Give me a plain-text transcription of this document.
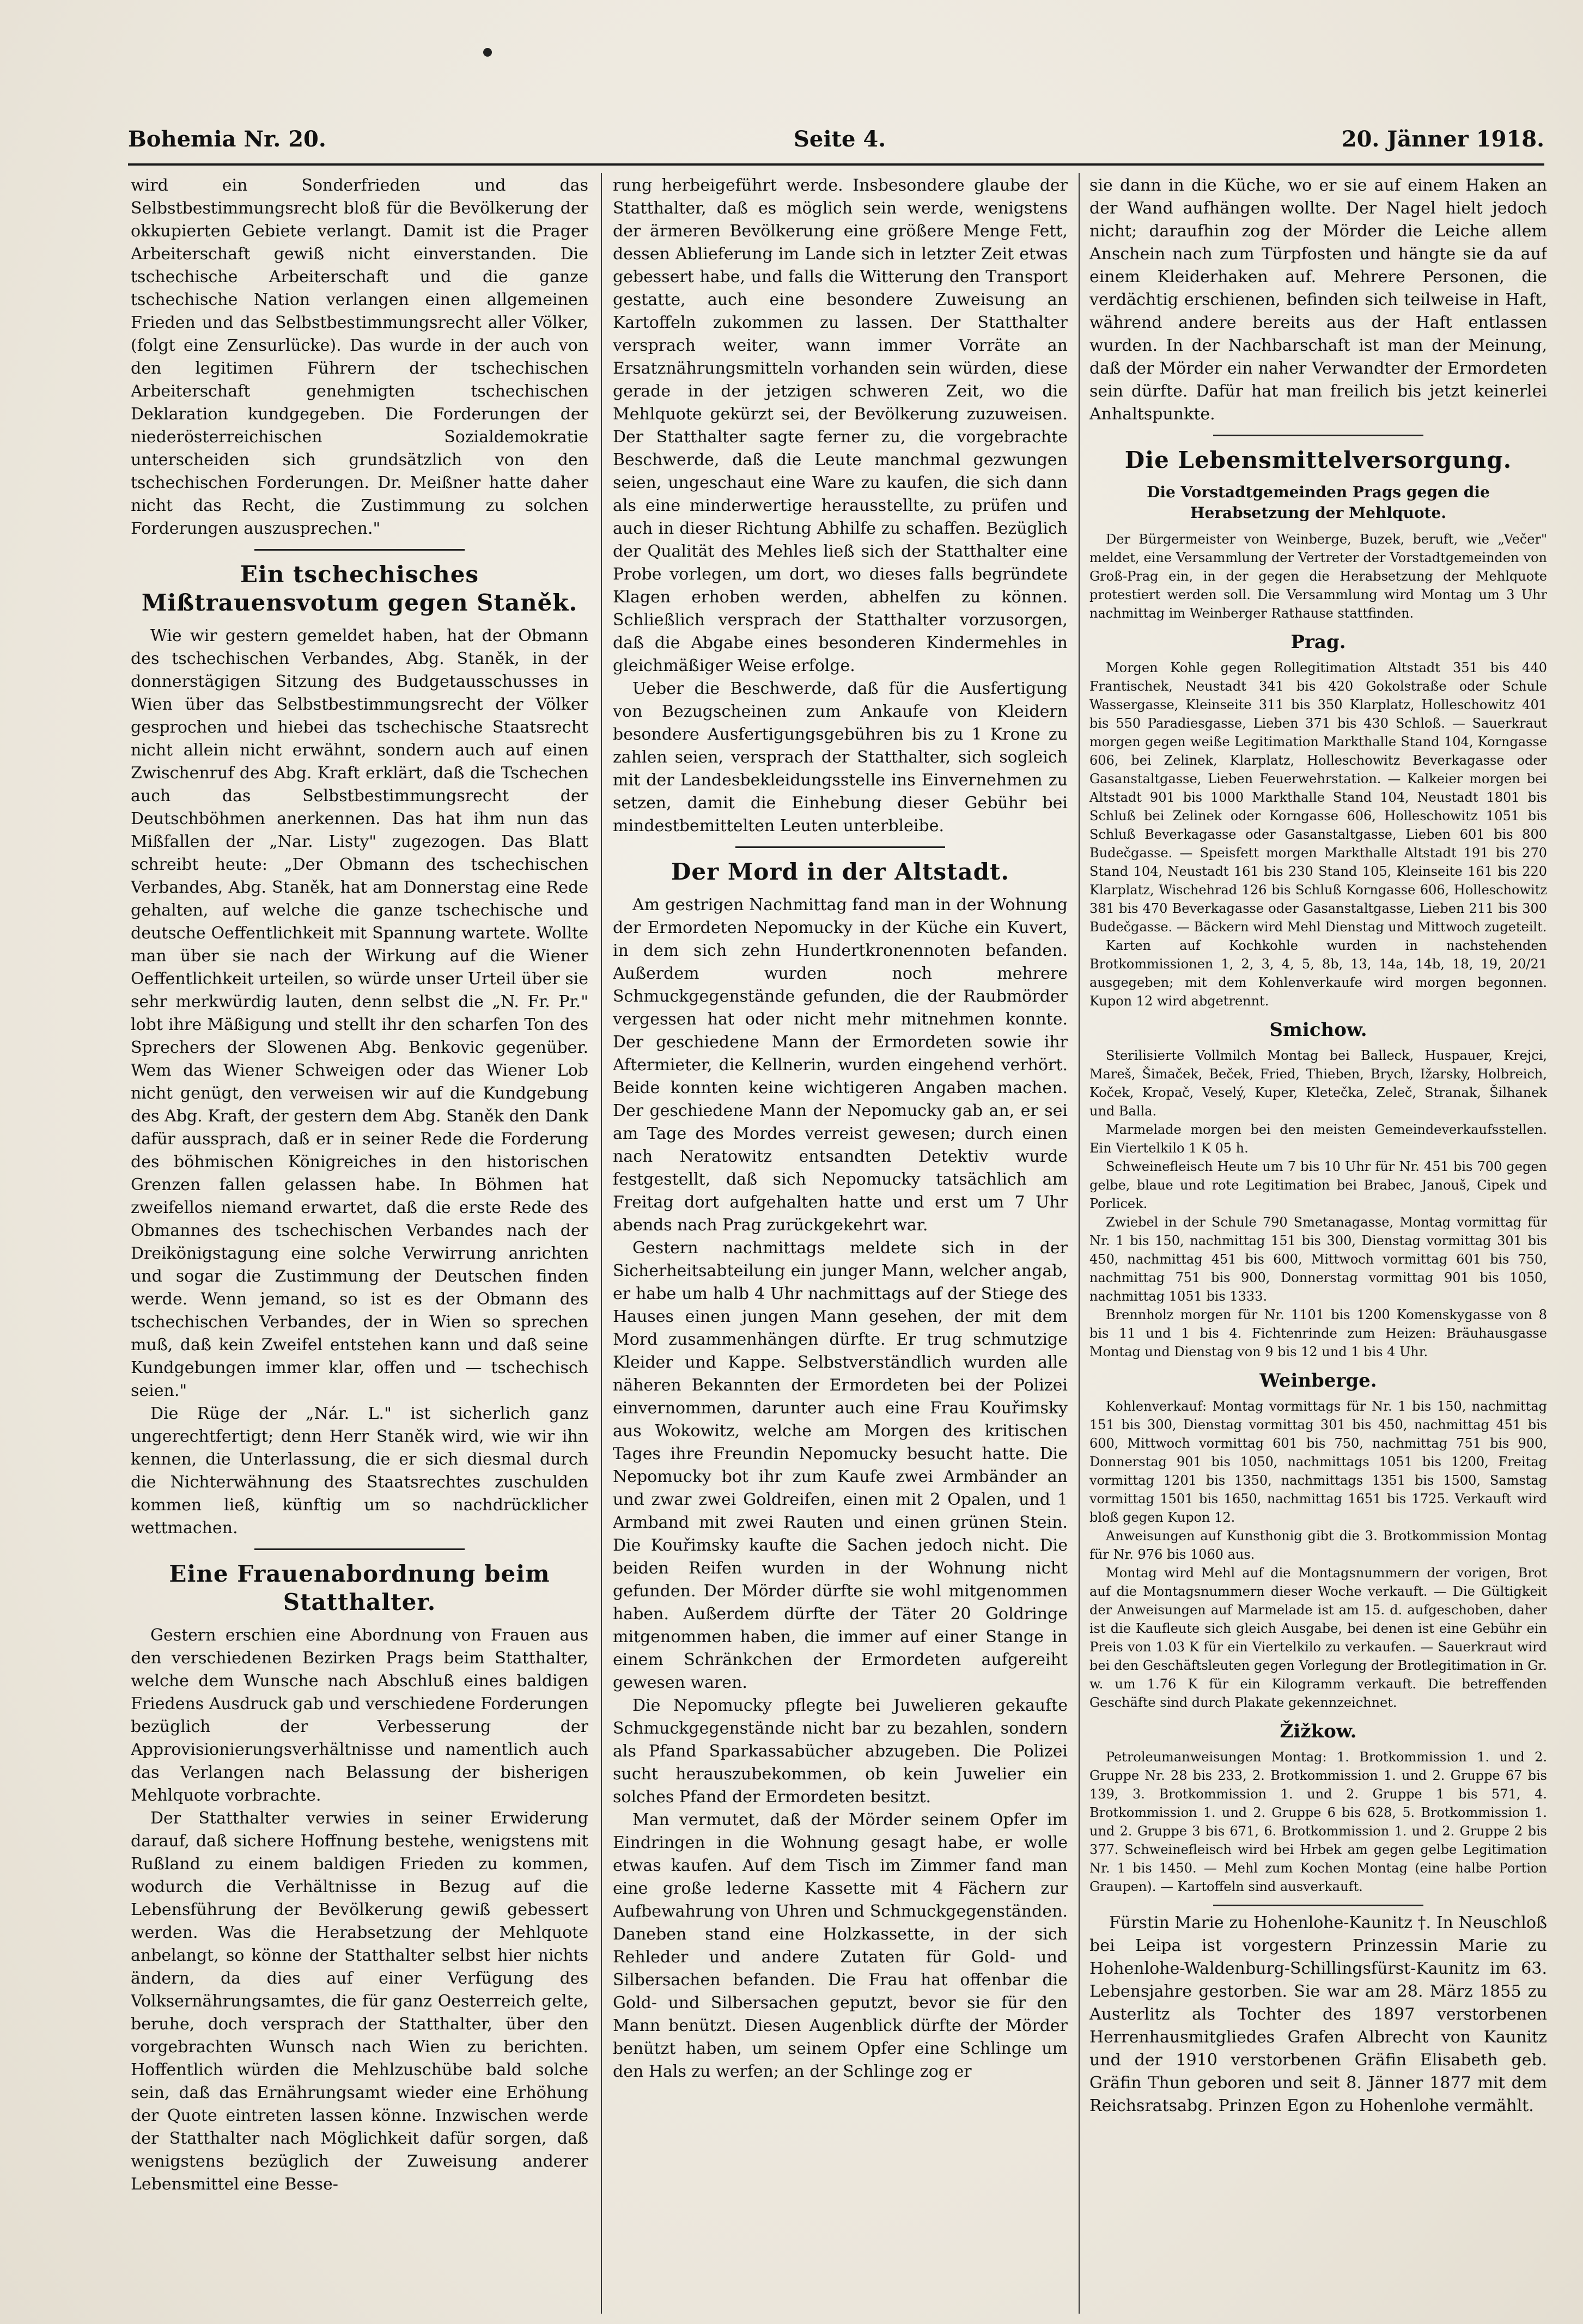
Bohemia Nr. 20.	Seite 4.	20. Jänner 1918.

wird ein Sonderfrieden und das Selbstbestimmungsrecht bloß für die Bevölkerung der okkupierten Gebiete verlangt. Damit ist die Prager Arbeiterschaft gewiß nicht einverstanden. Die tschechische Arbeiterschaft und die ganze tschechische Nation verlangen einen allgemeinen Frieden und das Selbstbestimmungsrecht aller Völker, (folgt eine Zensurlücke). Das wurde in der auch von den legitimen Führern der tschechischen Arbeiterschaft genehmigten tschechischen Deklaration kundgegeben. Die Forderungen der niederösterreichischen Sozialdemokratie unterscheiden sich grundsätzlich von den tschechischen Forderungen. Dr. Meißner hatte daher nicht das Recht, die Zustimmung zu solchen Forderungen auszusprechen."

Ein tschechisches Mißtrauensvotum gegen Staněk.

Wie wir gestern gemeldet haben, hat der Obmann des tschechischen Verbandes, Abg. Staněk, in der donnerstägigen Sitzung des Budgetausschusses in Wien über das Selbstbestimmungsrecht der Völker gesprochen und hiebei das tschechische Staatsrecht nicht allein nicht erwähnt, sondern auch auf einen Zwischenruf des Abg. Kraft erklärt, daß die Tschechen auch das Selbstbestimmungsrecht der Deutschböhmen anerkennen. Das hat ihm nun das Mißfallen der „Nar. Listy" zugezogen. Das Blatt schreibt heute: „Der Obmann des tschechischen Verbandes, Abg. Staněk, hat am Donnerstag eine Rede gehalten, auf welche die ganze tschechische und deutsche Oeffentlichkeit mit Spannung wartete. Wollte man über sie nach der Wirkung auf die Wiener Oeffentlichkeit urteilen, so würde unser Urteil über sie sehr merkwürdig lauten, denn selbst die „N. Fr. Pr." lobt ihre Mäßigung und stellt ihr den scharfen Ton des Sprechers der Slowenen Abg. Benkovic gegenüber. Wem das Wiener Schweigen oder das Wiener Lob nicht genügt, den verweisen wir auf die Kundgebung des Abg. Kraft, der gestern dem Abg. Staněk den Dank dafür aussprach, daß er in seiner Rede die Forderung des böhmischen Königreiches in den historischen Grenzen fallen gelassen habe. In Böhmen hat zweifellos niemand erwartet, daß die erste Rede des Obmannes des tschechischen Verbandes nach der Dreikönigstagung eine solche Verwirrung anrichten und sogar die Zustimmung der Deutschen finden werde. Wenn jemand, so ist es der Obmann des tschechischen Verbandes, der in Wien so sprechen muß, daß kein Zweifel entstehen kann und daß seine Kundgebungen immer klar, offen und — tschechisch seien."

Die Rüge der „Nár. L." ist sicherlich ganz ungerechtfertigt; denn Herr Staněk wird, wie wir ihn kennen, die Unterlassung, die er sich diesmal durch die Nichterwähnung des Staatsrechtes zuschulden kommen ließ, künftig um so nachdrücklicher wettmachen.

Eine Frauenabordnung beim Statthalter.

Gestern erschien eine Abordnung von Frauen aus den verschiedenen Bezirken Prags beim Statthalter, welche dem Wunsche nach Abschluß eines baldigen Friedens Ausdruck gab und verschiedene Forderungen bezüglich der Verbesserung der Approvisionierungsverhältnisse und namentlich auch das Verlangen nach Belassung der bisherigen Mehlquote vorbrachte.

Der Statthalter verwies in seiner Erwiderung darauf, daß sichere Hoffnung bestehe, wenigstens mit Rußland zu einem baldigen Frieden zu kommen, wodurch die Verhältnisse in Bezug auf die Lebensführung der Bevölkerung gewiß gebessert werden. Was die Herabsetzung der Mehlquote anbelangt, so könne der Statthalter selbst hier nichts ändern, da dies auf einer Verfügung des Volksernährungsamtes, die für ganz Oesterreich gelte, beruhe, doch versprach der Statthalter, über den vorgebrachten Wunsch nach Wien zu berichten. Hoffentlich würden die Mehlzuschübe bald solche sein, daß das Ernährungsamt wieder eine Erhöhung der Quote eintreten lassen könne. Inzwischen werde der Statthalter nach Möglichkeit dafür sorgen, daß wenigstens bezüglich der Zuweisung anderer Lebensmittel eine Besse-

rung herbeigeführt werde. Insbesondere glaube der Statthalter, daß es möglich sein werde, wenigstens der ärmeren Bevölkerung eine größere Menge Fett, dessen Ablieferung im Lande sich in letzter Zeit etwas gebessert habe, und falls die Witterung den Transport gestatte, auch eine besondere Zuweisung an Kartoffeln zukommen zu lassen. Der Statthalter versprach weiter, wann immer Vorräte an Ersatznährungsmitteln vorhanden sein würden, diese gerade in der jetzigen schweren Zeit, wo die Mehlquote gekürzt sei, der Bevölkerung zuzuweisen. Der Statthalter sagte ferner zu, die vorgebrachte Beschwerde, daß die Leute manchmal gezwungen seien, ungeschaut eine Ware zu kaufen, die sich dann als eine minderwertige herausstellte, zu prüfen und auch in dieser Richtung Abhilfe zu schaffen. Bezüglich der Qualität des Mehles ließ sich der Statthalter eine Probe vorlegen, um dort, wo dieses falls begründete Klagen erhoben werden, abhelfen zu können. Schließlich versprach der Statthalter vorzusorgen, daß die Abgabe eines besonderen Kindermehles in gleichmäßiger Weise erfolge.

Ueber die Beschwerde, daß für die Ausfertigung von Bezugscheinen zum Ankaufe von Kleidern besondere Ausfertigungsgebühren bis zu 1 Krone zu zahlen seien, versprach der Statthalter, sich sogleich mit der Landesbekleidungsstelle ins Einvernehmen zu setzen, damit die Einhebung dieser Gebühr bei mindestbemittelten Leuten unterbleibe.

Der Mord in der Altstadt.

Am gestrigen Nachmittag fand man in der Wohnung der Ermordeten Nepomucky in der Küche ein Kuvert, in dem sich zehn Hundertkronennoten befanden. Außerdem wurden noch mehrere Schmuckgegenstände gefunden, die der Raubmörder vergessen hat oder nicht mehr mitnehmen konnte. Der geschiedene Mann der Ermordeten sowie ihr Aftermieter, die Kellnerin, wurden eingehend verhört. Beide konnten keine wichtigeren Angaben machen. Der geschiedene Mann der Nepomucky gab an, er sei am Tage des Mordes verreist gewesen; durch einen nach Neratowitz entsandten Detektiv wurde festgestellt, daß sich Nepomucky tatsächlich am Freitag dort aufgehalten hatte und erst um 7 Uhr abends nach Prag zurückgekehrt war.

Gestern nachmittags meldete sich in der Sicherheitsabteilung ein junger Mann, welcher angab, er habe um halb 4 Uhr nachmittags auf der Stiege des Hauses einen jungen Mann gesehen, der mit dem Mord zusammenhängen dürfte. Er trug schmutzige Kleider und Kappe. Selbstverständlich wurden alle näheren Bekannten der Ermordeten bei der Polizei einvernommen, darunter auch eine Frau Kouřimsky aus Wokowitz, welche am Morgen des kritischen Tages ihre Freundin Nepomucky besucht hatte. Die Nepomucky bot ihr zum Kaufe zwei Armbänder an und zwar zwei Goldreifen, einen mit 2 Opalen, und 1 Armband mit zwei Rauten und einen grünen Stein. Die Kouřimsky kaufte die Sachen jedoch nicht. Die beiden Reifen wurden in der Wohnung nicht gefunden. Der Mörder dürfte sie wohl mitgenommen haben. Außerdem dürfte der Täter 20 Goldringe mitgenommen haben, die immer auf einer Stange in einem Schränkchen der Ermordeten aufgereiht gewesen waren.

Die Nepomucky pflegte bei Juwelieren gekaufte Schmuckgegenstände nicht bar zu bezahlen, sondern als Pfand Sparkassabücher abzugeben. Die Polizei sucht herauszubekommen, ob kein Juwelier ein solches Pfand der Ermordeten besitzt.

Man vermutet, daß der Mörder seinem Opfer im Eindringen in die Wohnung gesagt habe, er wolle etwas kaufen. Auf dem Tisch im Zimmer fand man eine große lederne Kassette mit 4 Fächern zur Aufbewahrung von Uhren und Schmuckgegenständen. Daneben stand eine Holzkassette, in der sich Rehleder und andere Zutaten für Gold- und Silbersachen befanden. Die Frau hat offenbar die Gold- und Silbersachen geputzt, bevor sie für den Mann benützt. Diesen Augenblick dürfte der Mörder benützt haben, um seinem Opfer eine Schlinge um den Hals zu werfen; an der Schlinge zog er

sie dann in die Küche, wo er sie auf einem Haken an der Wand aufhängen wollte. Der Nagel hielt jedoch nicht; daraufhin zog der Mörder die Leiche allem Anschein nach zum Türpfosten und hängte sie da auf einem Kleiderhaken auf. Mehrere Personen, die verdächtig erschienen, befinden sich teilweise in Haft, während andere bereits aus der Haft entlassen wurden. In der Nachbarschaft ist man der Meinung, daß der Mörder ein naher Verwandter der Ermordeten sein dürfte. Dafür hat man freilich bis jetzt keinerlei Anhaltspunkte.

Die Lebensmittelversorgung.
Die Vorstadtgemeinden Prags gegen die Herabsetzung der Mehlquote.

Der Bürgermeister von Weinberge, Buzek, beruft, wie „Večer" meldet, eine Versammlung der Vertreter der Vorstadtgemeinden von Groß-Prag ein, in der gegen die Herabsetzung der Mehlquote protestiert werden soll. Die Versammlung wird Montag um 3 Uhr nachmittag im Weinberger Rathause stattfinden.

Prag.

Morgen Kohle gegen Rollegitimation Altstadt 351 bis 440 Frantischek, Neustadt 341 bis 420 Gokolstraße oder Schule Wassergasse, Kleinseite 311 bis 350 Klarplatz, Holleschowitz 401 bis 550 Paradiesgasse, Lieben 371 bis 430 Schloß. — Sauerkraut morgen gegen weiße Legitimation Markthalle Stand 104, Korngasse 606, bei Zelinek, Klarplatz, Holleschowitz Beverkagasse oder Gasanstaltgasse, Lieben Feuerwehrstation. — Kalkeier morgen bei Altstadt 901 bis 1000 Markthalle Stand 104, Neustadt 1801 bis Schluß bei Zelinek oder Korngasse 606, Holleschowitz 1051 bis Schluß Beverkagasse oder Gasanstaltgasse, Lieben 601 bis 800 Budečgasse. — Speisfett morgen Markthalle Altstadt 191 bis 270 Stand 104, Neustadt 161 bis 230 Stand 105, Kleinseite 161 bis 220 Klarplatz, Wischehrad 126 bis Schluß Korngasse 606, Holleschowitz 381 bis 470 Beverkagasse oder Gasanstaltgasse, Lieben 211 bis 300 Budečgasse. — Bäckern wird Mehl Dienstag und Mittwoch zugeteilt.

Karten auf Kochkohle wurden in nachstehenden Brotkommissionen 1, 2, 3, 4, 5, 8b, 13, 14a, 14b, 18, 19, 20/21 ausgegeben; mit dem Kohlenverkaufe wird morgen begonnen. Kupon 12 wird abgetrennt.

Smichow.

Sterilisierte Vollmilch Montag bei Balleck, Huspauer, Krejci, Mareš, Šimaček, Beček, Fried, Thieben, Brych, Ižarsky, Holbreich, Koček, Kropač, Veselý, Kuper, Kletečka, Zeleč, Stranak, Šilhanek und Balla.

Marmelade morgen bei den meisten Gemeindeverkaufsstellen. Ein Viertelkilo 1 K 05 h.

Schweinefleisch Heute um 7 bis 10 Uhr für Nr. 451 bis 700 gegen gelbe, blaue und rote Legitimation bei Brabec, Janouš, Cipek und Porlicek.

Zwiebel in der Schule 790 Smetanagasse, Montag vormittag für Nr. 1 bis 150, nachmittag 151 bis 300, Dienstag vormittag 301 bis 450, nachmittag 451 bis 600, Mittwoch vormittag 601 bis 750, nachmittag 751 bis 900, Donnerstag vormittag 901 bis 1050, nachmittag 1051 bis 1333.

Brennholz morgen für Nr. 1101 bis 1200 Komenskygasse von 8 bis 11 und 1 bis 4. Fichtenrinde zum Heizen: Bräuhausgasse Montag und Dienstag von 9 bis 12 und 1 bis 4 Uhr.

Weinberge.

Kohlenverkauf: Montag vormittags für Nr. 1 bis 150, nachmittag 151 bis 300, Dienstag vormittag 301 bis 450, nachmittag 451 bis 600, Mittwoch vormittag 601 bis 750, nachmittag 751 bis 900, Donnerstag 901 bis 1050, nachmittags 1051 bis 1200, Freitag vormittag 1201 bis 1350, nachmittags 1351 bis 1500, Samstag vormittag 1501 bis 1650, nachmittag 1651 bis 1725. Verkauft wird bloß gegen Kupon 12.

Anweisungen auf Kunsthonig gibt die 3. Brotkommission Montag für Nr. 976 bis 1060 aus.

Montag wird Mehl auf die Montagsnummern der vorigen, Brot auf die Montagsnummern dieser Woche verkauft. — Die Gültigkeit der Anweisungen auf Marmelade ist am 15. d. aufgeschoben, daher ist die Kaufleute sich gleich Ausgabe, bei denen ist eine Gebühr ein Preis von 1.03 K für ein Viertelkilo zu verkaufen. — Sauerkraut wird bei den Geschäftsleuten gegen Vorlegung der Brotlegitimation in Gr. w. um 1.76 K für ein Kilogramm verkauft. Die betreffenden Geschäfte sind durch Plakate gekennzeichnet.

Žižkow.

Petroleumanweisungen Montag: 1. Brotkommission 1. und 2. Gruppe Nr. 28 bis 233, 2. Brotkommission 1. und 2. Gruppe 67 bis 139, 3. Brotkommission 1. und 2. Gruppe 1 bis 571, 4. Brotkommission 1. und 2. Gruppe 6 bis 628, 5. Brotkommission 1. und 2. Gruppe 3 bis 671, 6. Brotkommission 1. und 2. Gruppe 2 bis 377. Schweinefleisch wird bei Hrbek am gegen gelbe Legitimation Nr. 1 bis 1450. — Mehl zum Kochen Montag (eine halbe Portion Graupen). — Kartoffeln sind ausverkauft.

Fürstin Marie zu Hohenlohe-Kaunitz †. In Neuschloß bei Leipa ist vorgestern Prinzessin Marie zu Hohenlohe-Waldenburg-Schillingsfürst-Kaunitz im 63. Lebensjahre gestorben. Sie war am 28. März 1855 zu Austerlitz als Tochter des 1897 verstorbenen Herrenhausmitgliedes Grafen Albrecht von Kaunitz und der 1910 verstorbenen Gräfin Elisabeth geb. Gräfin Thun geboren und seit 8. Jänner 1877 mit dem Reichsratsabg. Prinzen Egon zu Hohenlohe vermählt.
